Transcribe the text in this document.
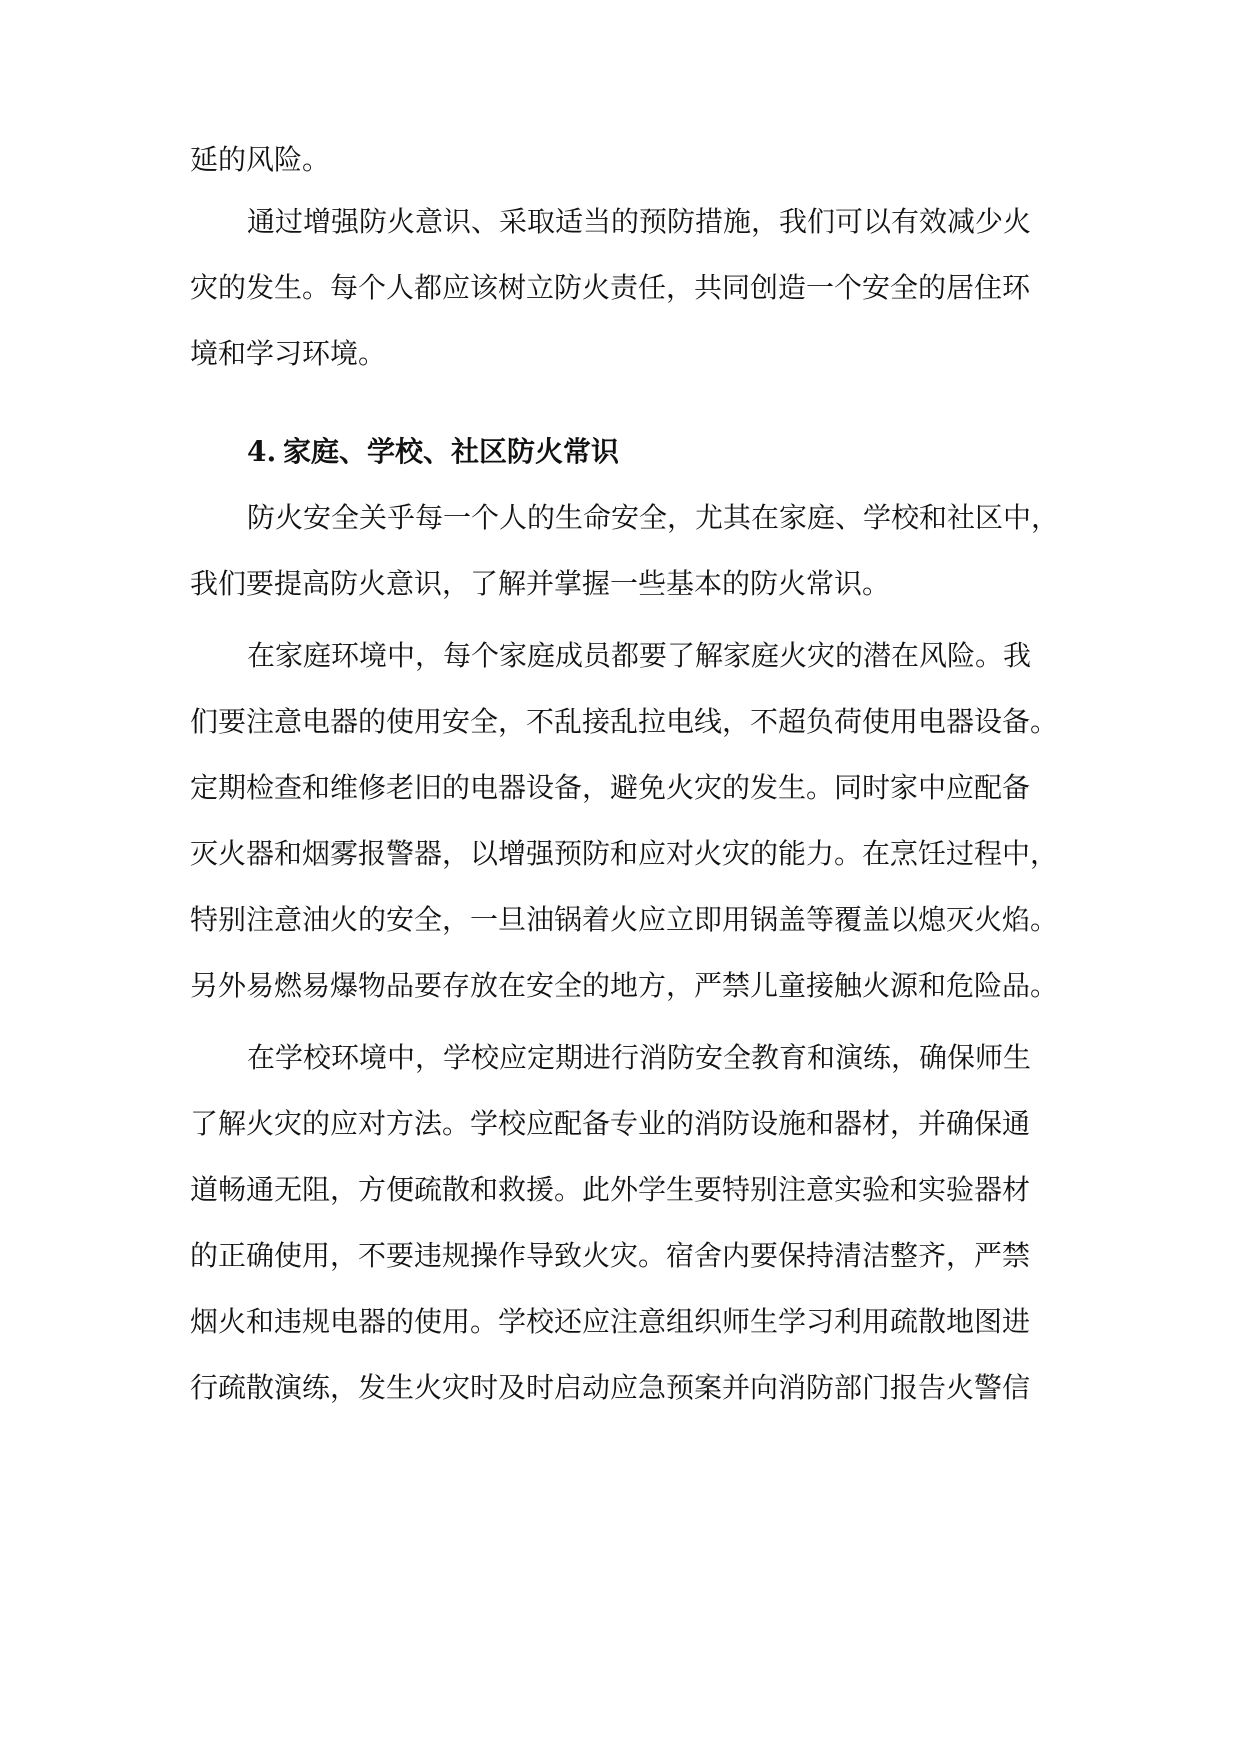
延的风险。

通过增强防火意识、采取适当的预防措施，我们可以有效减少火

灾的发生。每个人都应该树立防火责任，共同创造一个安全的居住环

境和学习环境。

4. 家庭、学校、社区防火常识

防火安全关乎每一个人的生命安全，尤其在家庭、学校和社区中，

我们要提高防火意识，了解并掌握一些基本的防火常识。

在家庭环境中，每个家庭成员都要了解家庭火灾的潜在风险。我

们要注意电器的使用安全，不乱接乱拉电线，不超负荷使用电器设备。

定期检查和维修老旧的电器设备，避免火灾的发生。同时家中应配备

灭火器和烟雾报警器，以增强预防和应对火灾的能力。在烹饪过程中，

特别注意油火的安全，一旦油锅着火应立即用锅盖等覆盖以熄灭火焰。

另外易燃易爆物品要存放在安全的地方，严禁儿童接触火源和危险品。

在学校环境中，学校应定期进行消防安全教育和演练，确保师生

了解火灾的应对方法。学校应配备专业的消防设施和器材，并确保通

道畅通无阻，方便疏散和救援。此外学生要特别注意实验和实验器材

的正确使用，不要违规操作导致火灾。宿舍内要保持清洁整齐，严禁

烟火和违规电器的使用。学校还应注意组织师生学习利用疏散地图进

行疏散演练，发生火灾时及时启动应急预案并向消防部门报告火警信
